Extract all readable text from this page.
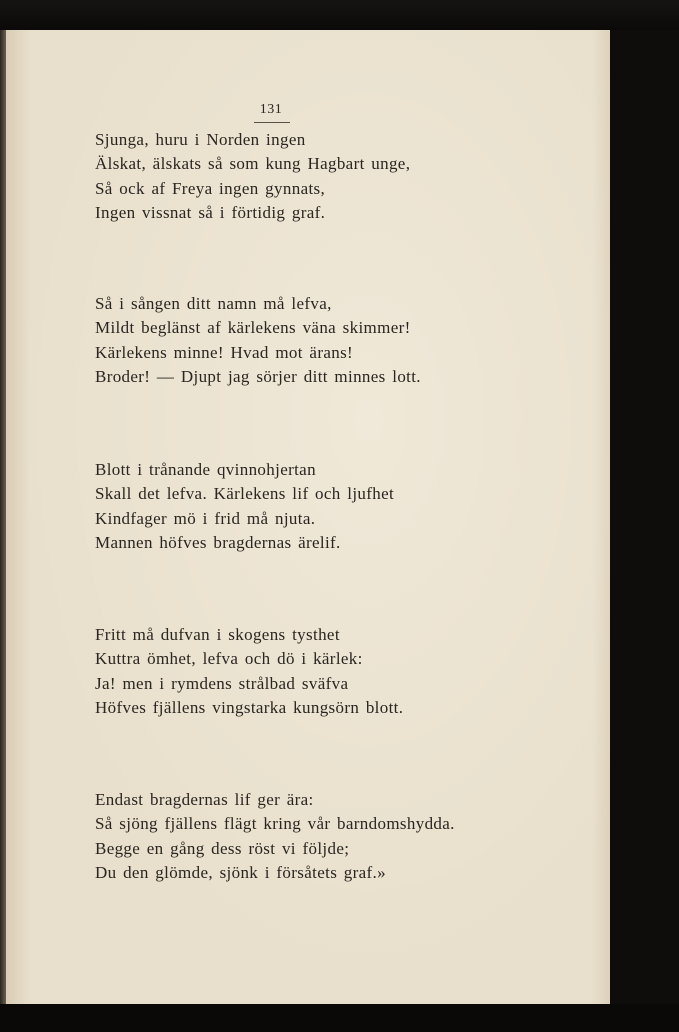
131
Sjunga, huru i Norden ingen
Älskat, älskats så som kung Hagbart unge,
Så ock af Freya ingen gynnats,
Ingen vissnat så i förtidig graf.
Så i sången ditt namn må lefva,
Mildt beglänst af kärlekens väna skimmer!
Kärlekens minne! Hvad mot ärans!
Broder! — Djupt jag sörjer ditt minnes lott.
Blott i trånande qvinnohjertan
Skall det lefva. Kärlekens lif och ljufhet
Kindfager mö i frid må njuta.
Mannen höfves bragdernas ärelif.
Fritt må dufvan i skogens tysthet
Kuttra ömhet, lefva och dö i kärlek:
Ja! men i rymdens strålbad sväfva
Höfves fjällens vingstarka kungsörn blott.
Endast bragdernas lif ger ära:
Så sjöng fjällens flägt kring vår barndomshydda.
Begge en gång dess röst vi följde;
Du den glömde, sjönk i försåtets graf.»
